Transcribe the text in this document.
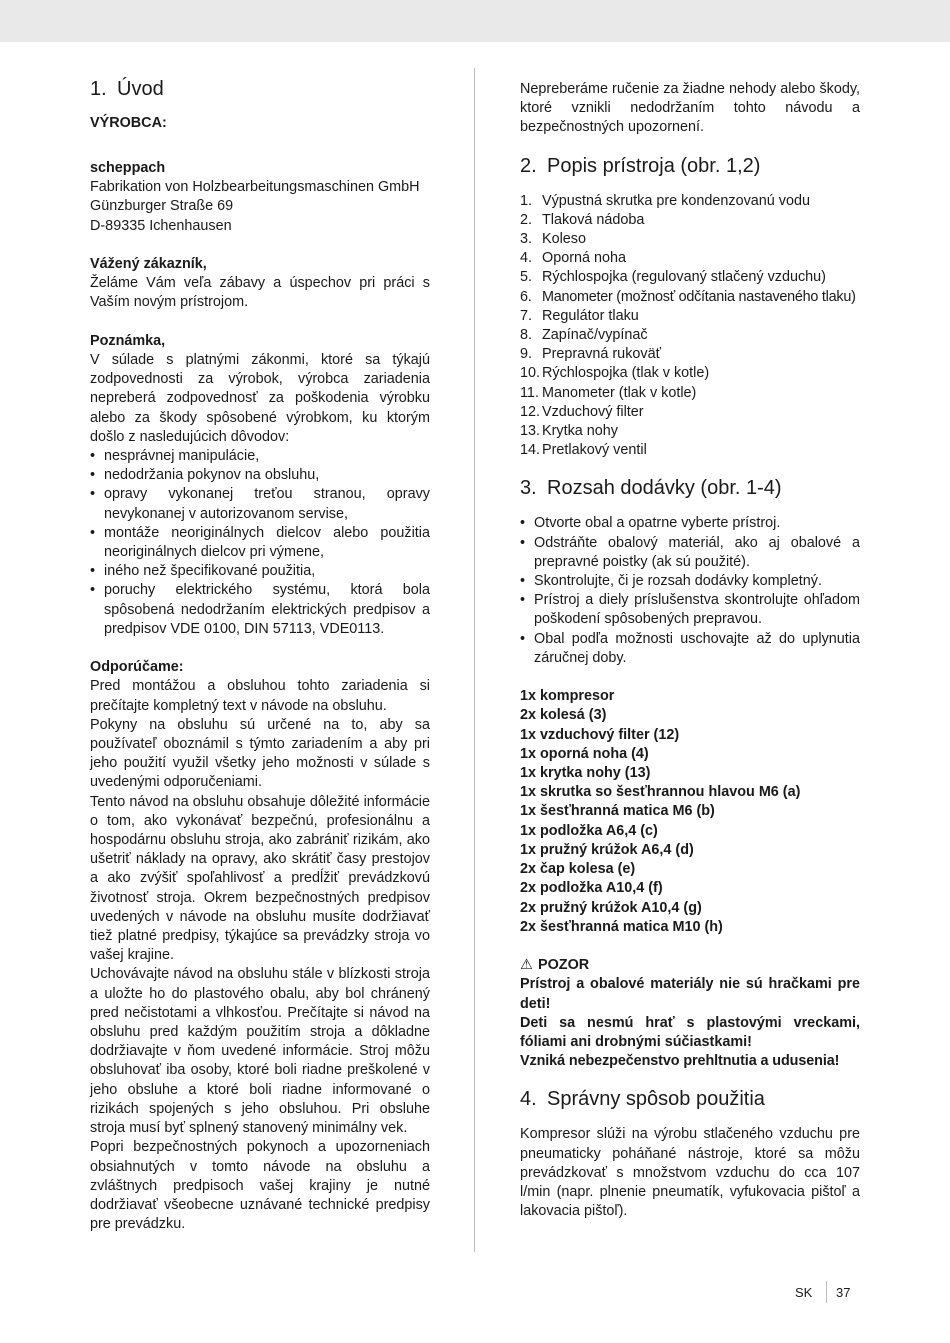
1. Úvod

VÝROBCA:

scheppach

Fabrikation von Holzbearbeitungsmaschinen GmbH

Günzburger Straße 69

D-89335 Ichenhausen

Vážený zákazník,

Želáme Vám veľa zábavy a úspechov pri práci s Vaším novým prístrojom.

Poznámka,

V súlade s platnými zákonmi, ktoré sa týkajú zodpovednosti za výrobok, výrobca zariadenia nepreberá zodpovednosť za poškodenia výrobku alebo za škody spôsobené výrobkom, ku ktorým došlo z nasledujúcich dôvodov:

• nesprávnej manipulácie,
• nedodržania pokynov na obsluhu,
• opravy vykonanej treťou stranou, opravy nevykonanej v autorizovanom servise,
• montáže neoriginálnych dielcov alebo použitia neoriginálnych dielcov pri výmene,
• iného než špecifikované použitia,
• poruchy elektrického systému, ktorá bola spôsobená nedodržaním elektrických predpisov a predpisov VDE 0100, DIN 57113, VDE0113.

Odporúčame:

Pred montážou a obsluhou tohto zariadenia si prečítajte kompletný text v návode na obsluhu.

Pokyny na obsluhu sú určené na to, aby sa používateľ oboznámil s týmto zariadením a aby pri jeho použití využil všetky jeho možnosti v súlade s uvedenými odporučeniami.

Tento návod na obsluhu obsahuje dôležité informácie o tom, ako vykonávať bezpečnú, profesionálnu a hospodárnu obsluhu stroja, ako zabrániť rizikám, ako ušetriť náklady na opravy, ako skrátiť časy prestojov a ako zvýšiť spoľahlivosť a predĺžiť prevádzkovú životnosť stroja. Okrem bezpečnostných predpisov uvedených v návode na obsluhu musíte dodržiavať tiež platné predpisy, týkajúce sa prevádzky stroja vo vašej krajine.

Uchovávajte návod na obsluhu stále v blízkosti stroja a uložte ho do plastového obalu, aby bol chránený pred nečistotami a vlhkosťou. Prečítajte si návod na obsluhu pred každým použitím stroja a dôkladne dodržiavajte v ňom uvedené informácie. Stroj môžu obsluhovať iba osoby, ktoré boli riadne preškolené v jeho obsluhe a ktoré boli riadne informované o rizikách spojených s jeho obsluhou. Pri obsluhe stroja musí byť splnený stanovený minimálny vek.

Popri bezpečnostných pokynoch a upozorneniach obsiahnutých v tomto návode na obsluhu a zvláštnych predpisoch vašej krajiny je nutné dodržiavať všeobecne uznávané technické predpisy pre prevádzku.

Nepreberáme ručenie za žiadne nehody alebo škody, ktoré vznikli nedodržaním tohto návodu a bezpečnostných upozornení.

2. Popis prístroja (obr. 1,2)
1. Výpustná skrutka pre kondenzovanú vodu
2. Tlaková nádoba
3. Koleso
4. Oporná noha
5. Rýchlospojka (regulovaný stlačený vzduchu)
6. Manometer (možnosť odčítania nastaveného tlaku)
7. Regulátor tlaku
8. Zapínač/vypínač
9. Prepravná rukoväť
10. Rýchlospojka (tlak v kotle)
11. Manometer (tlak v kotle)
12. Vzduchový filter
13. Krytka nohy
14. Pretlakový ventil
3. Rozsah dodávky (obr. 1-4)
• Otvorte obal a opatrne vyberte prístroj.
• Odstráňte obalový materiál, ako aj obalové a prepravné poistky (ak sú použité).
• Skontrolujte, či je rozsah dodávky kompletný.
• Prístroj a diely príslušenstva skontrolujte ohľadom poškodení spôsobených prepravou.
• Obal podľa možnosti uschovajte až do uplynutia záručnej doby.
1x kompresor
2x kolesá (3)
1x vzduchový filter (12)
1x oporná noha (4)
1x krytka nohy (13)
1x skrutka so šesťhrannou hlavou M6 (a)
1x šesťhranná matica M6 (b)
1x podložka A6,4 (c)
1x pružný krúžok A6,4 (d)
2x čap kolesa (e)
2x podložka A10,4 (f)
2x pružný krúžok A10,4 (g)
2x šesťhranná matica M10 (h)

⚠ POZOR

Prístroj a obalové materiály nie sú hračkami pre deti!

Deti sa nesmú hrať s plastovými vreckami, fóliami ani drobnými súčiastkami!

Vzniká nebezpečenstvo prehltnutia a udusenia!

4. Správny spôsob použitia

Kompresor slúži na výrobu stlačeného vzduchu pre pneumaticky poháňané nástroje, ktoré sa môžu prevádzkovať s množstvom vzduchu do cca 107 l/min (napr. plnenie pneumatík, vyfukovacia pištoľ a lakovacia pištoľ).

SK 37
